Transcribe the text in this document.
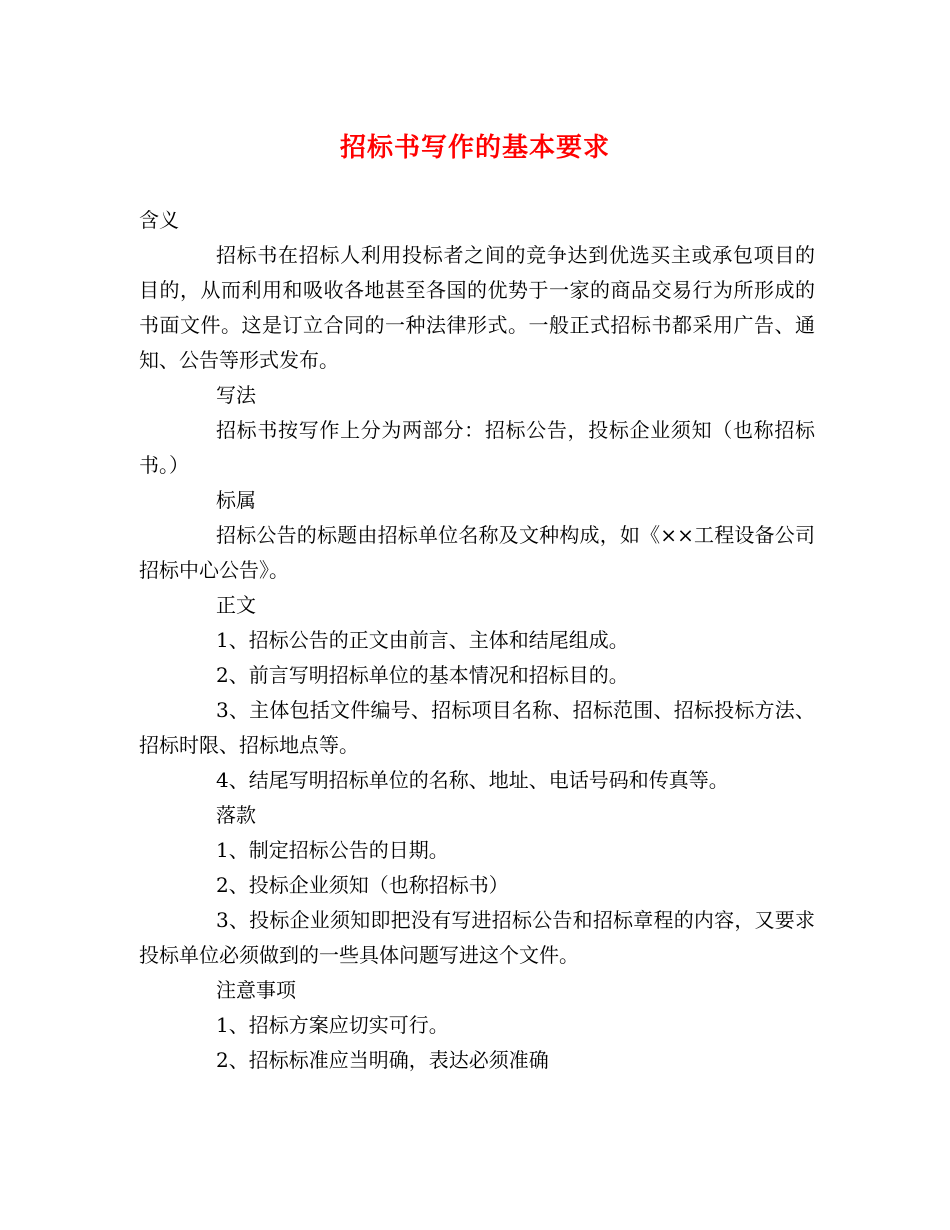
招标书写作的基本要求

含义

招标书在招标人利用投标者之间的竞争达到优选买主或承包项目的目的，从而利用和吸收各地甚至各国的优势于一家的商品交易行为所形成的书面文件。这是订立合同的一种法律形式。一般正式招标书都采用广告、通知、公告等形式发布。

写法

招标书按写作上分为两部分：招标公告，投标企业须知（也称招标书。）

标属

招标公告的标题由招标单位名称及文种构成，如《××工程设备公司招标中心公告》。

正文

1、招标公告的正文由前言、主体和结尾组成。

2、前言写明招标单位的基本情况和招标目的。

3、主体包括文件编号、招标项目名称、招标范围、招标投标方法、招标时限、招标地点等。

4、结尾写明招标单位的名称、地址、电话号码和传真等。

落款

1、制定招标公告的日期。

2、投标企业须知（也称招标书）

3、投标企业须知即把没有写进招标公告和招标章程的内容，又要求投标单位必须做到的一些具体问题写进这个文件。

注意事项

1、招标方案应切实可行。

2、招标标准应当明确，表达必须准确
